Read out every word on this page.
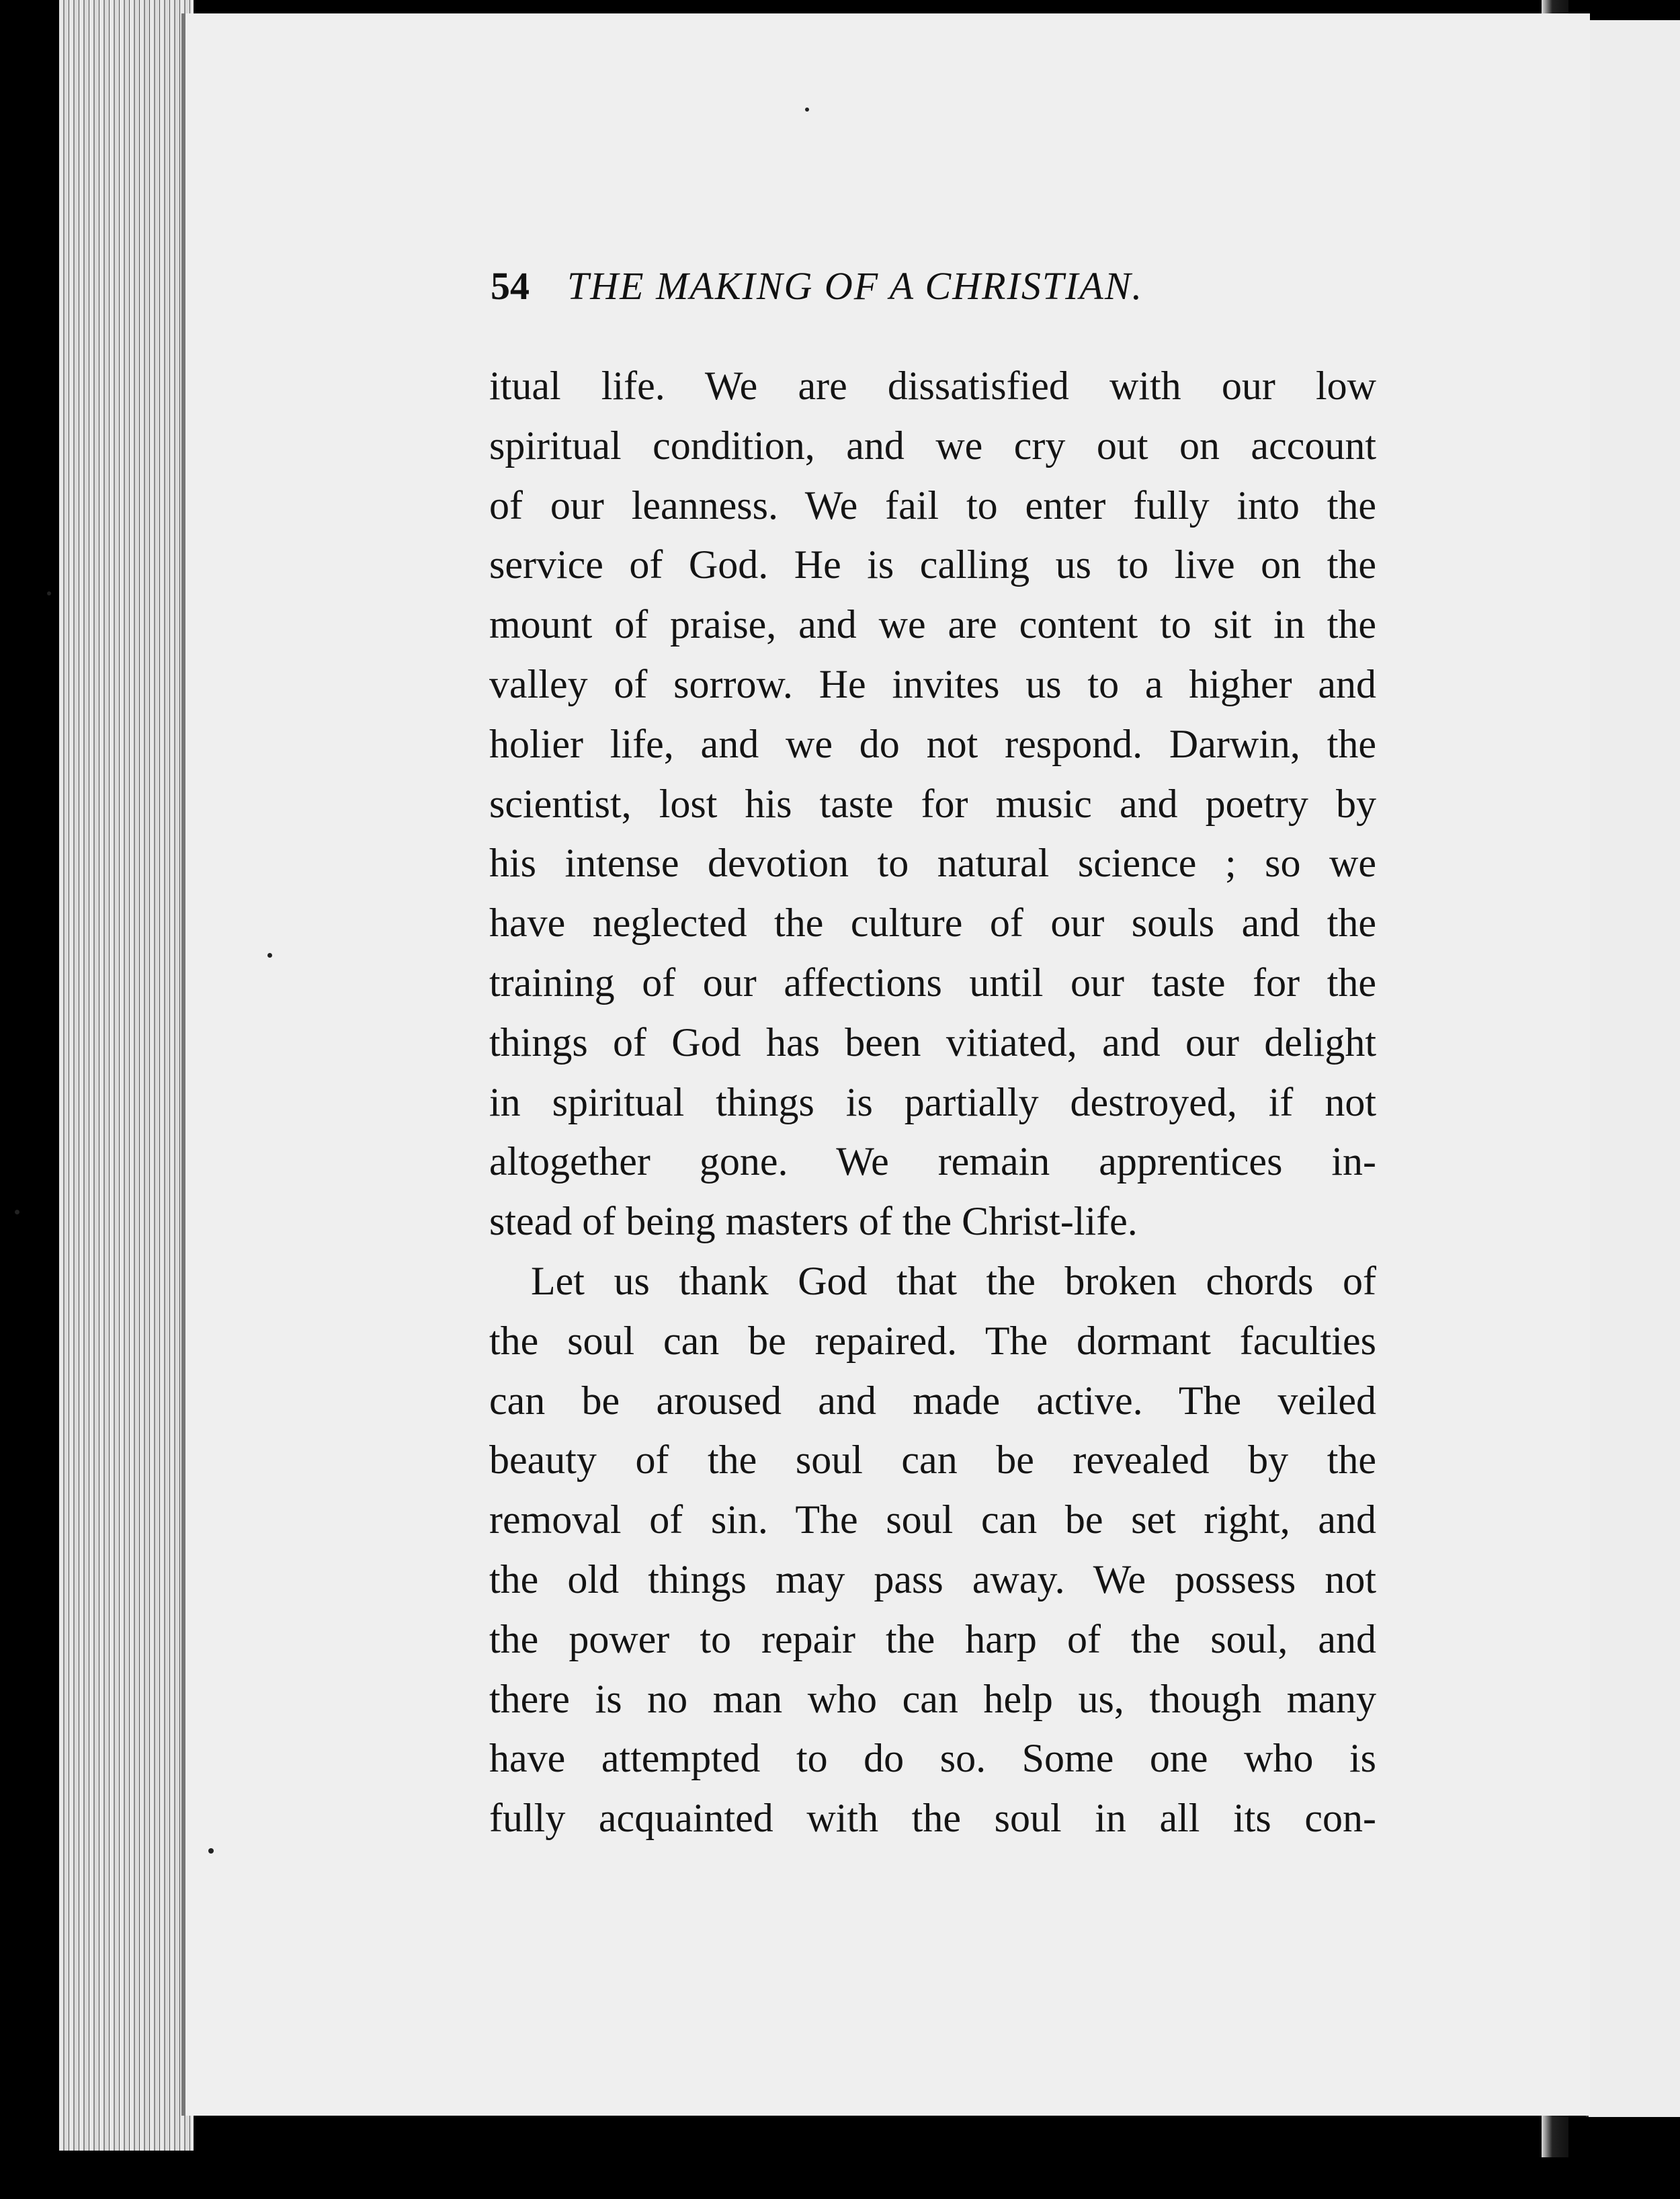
54 THE MAKING OF A CHRISTIAN.
itual life. We are dissatisfied with our low
spiritual condition, and we cry out on account
of our leanness. We fail to enter fully into the
service of God. He is calling us to live on the
mount of praise, and we are content to sit in the
valley of sorrow. He invites us to a higher and
holier life, and we do not respond. Darwin, the
scientist, lost his taste for music and poetry by
his intense devotion to natural science ; so we
have neglected the culture of our souls and the
training of our affections until our taste for the
things of God has been vitiated, and our delight
in spiritual things is partially destroyed, if not
altogether gone. We remain apprentices in-
stead of being masters of the Christ-life.
Let us thank God that the broken chords of
the soul can be repaired. The dormant faculties
can be aroused and made active. The veiled
beauty of the soul can be revealed by the
removal of sin. The soul can be set right, and
the old things may pass away. We possess not
the power to repair the harp of the soul, and
there is no man who can help us, though many
have attempted to do so. Some one who is
fully acquainted with the soul in all its con-
